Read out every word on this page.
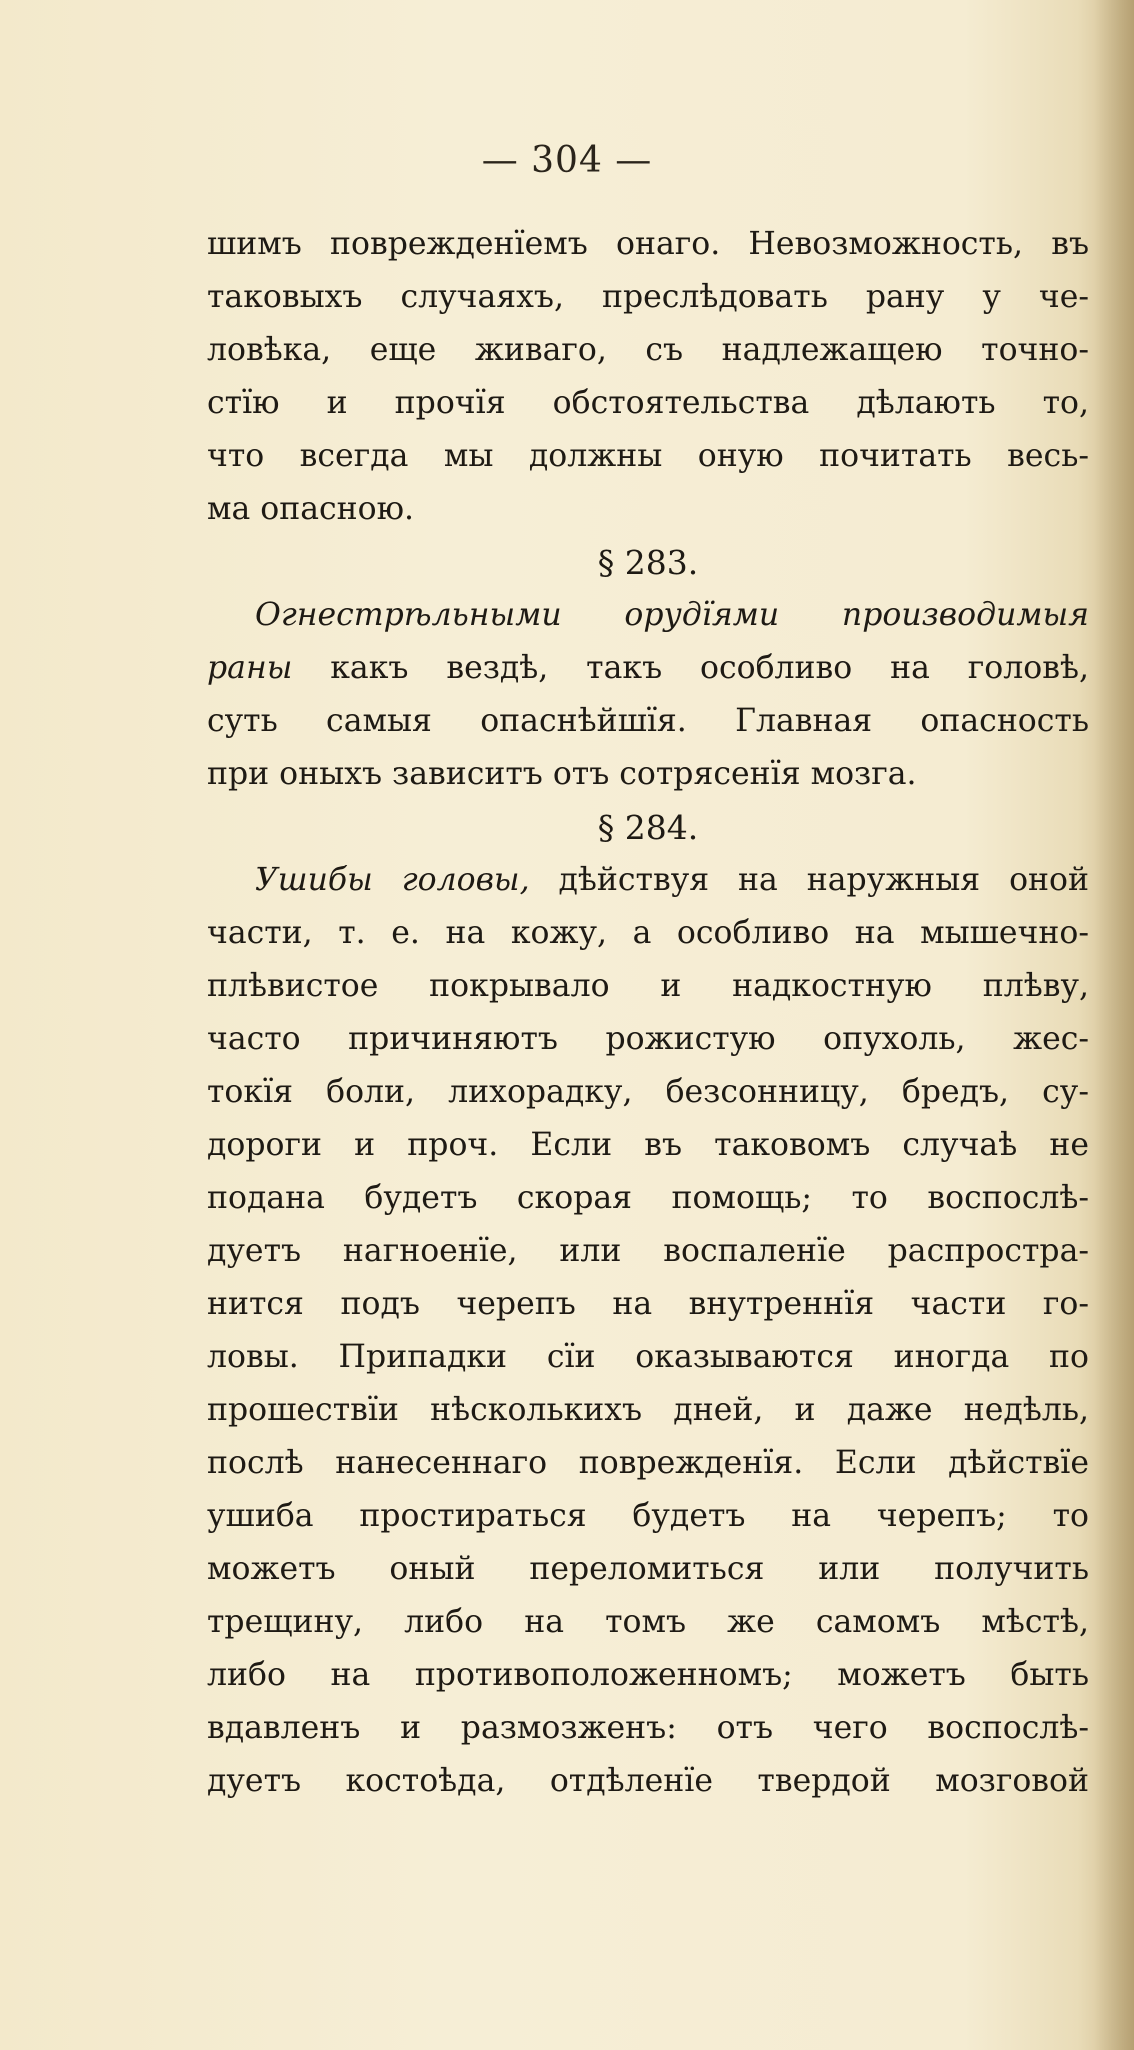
— 304 —
шимъ поврежденїемъ онаго. Невозможность, въ
таковыхъ случаяхъ, преслѣдовать рану у че-
ловѣка, еще живаго, съ надлежащею точно-
стїю и прочїя обстоятельства дѣлають то,
что всегда мы должны оную почитать весь-
ма опасною.
§ 283.
Огнестрѣльными орудїями производимыя
раны какъ вездѣ, такъ особливо на головѣ,
суть самыя опаснѣйшїя. Главная опасность
при оныхъ зависитъ отъ сотрясенїя мозга.
§ 284.
Ушибы головы, дѣйствуя на наружныя оной
части, т. е. на кожу, а особливо на мышечно-
плѣвистое покрывало и надкостную плѣву,
часто причиняютъ рожистую опухоль, жес-
токїя боли, лихорадку, безсонницу, бредъ, су-
дороги и проч. Если въ таковомъ случаѣ не
подана будетъ скорая помощь; то воспослѣ-
дуетъ нагноенїе, или воспаленїе распростра-
нится подъ черепъ на внутреннїя части го-
ловы. Припадки сїи оказываются иногда по
прошествїи нѣсколькихъ дней, и даже недѣль,
послѣ нанесеннаго поврежденїя. Если дѣйствїе
ушиба простираться будетъ на черепъ; то
можетъ оный переломиться или получить
трещину, либо на томъ же самомъ мѣстѣ,
либо на противоположенномъ; можетъ быть
вдавленъ и размозженъ: отъ чего воспослѣ-
дуетъ костоѣда, отдѣленїе твердой мозговой
